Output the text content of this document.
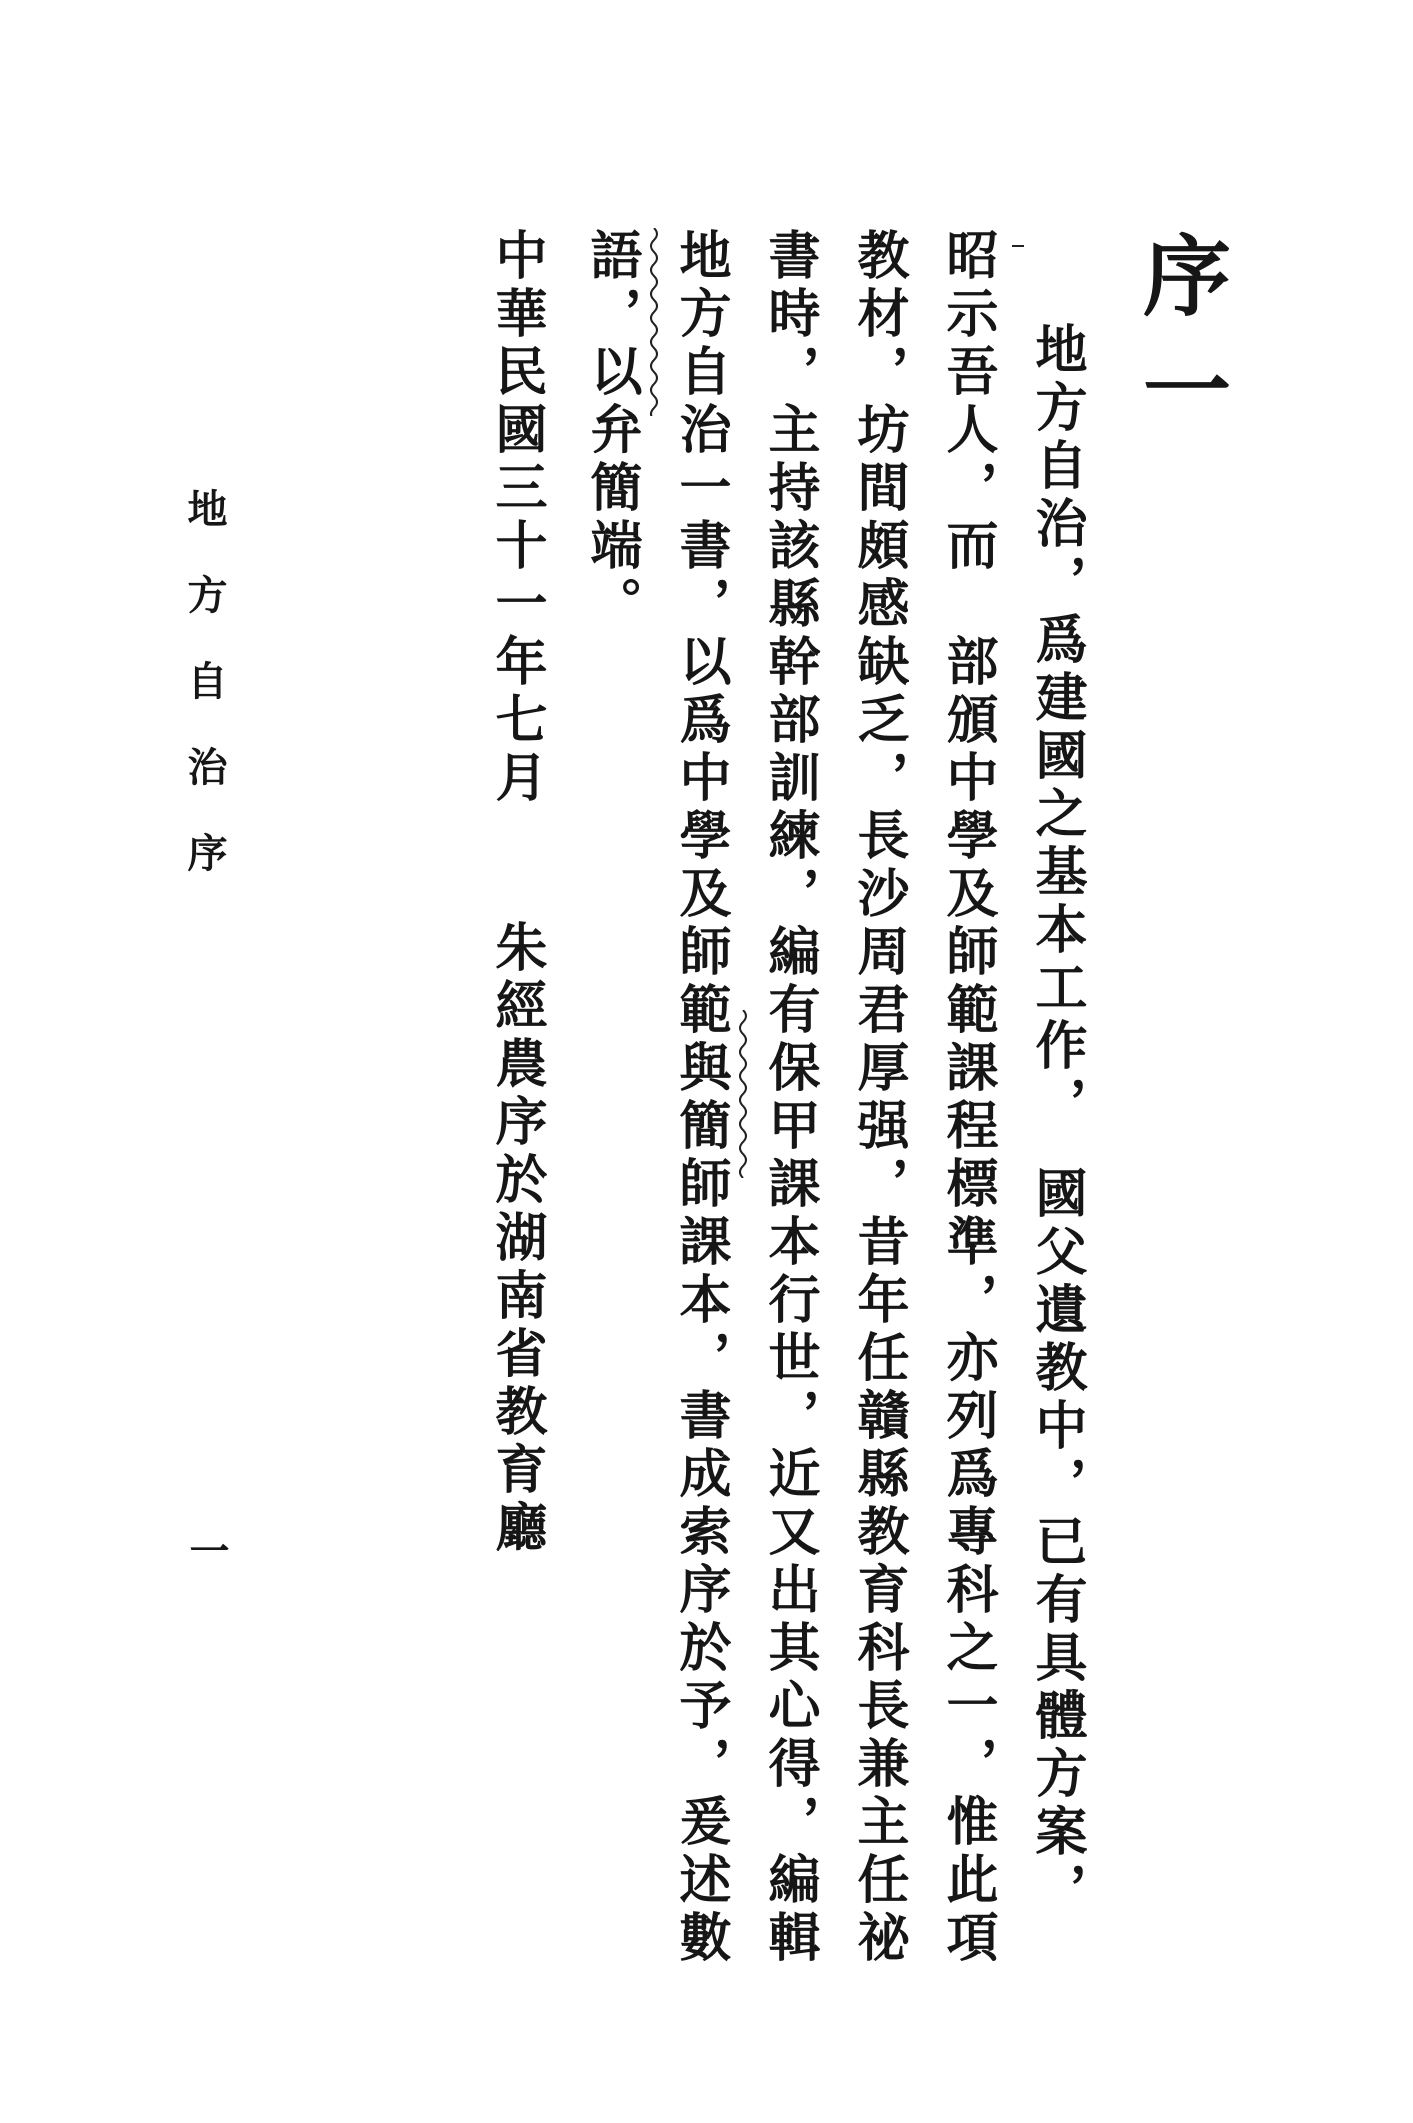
序一
地方自治，爲建國之基本工作，　國父遺教中，已有具體方案，
昭示吾人，而　部頒中學及師範課程標準，亦列爲專科之一，惟此項
教材，坊間頗感缺乏，長沙周君厚强，昔年任贛縣教育科長兼主任祕
書時，主持該縣幹部訓練，編有保甲課本行世，近又出其心得，編輯
地方自治一書，以爲中學及師範與簡師課本，書成索序於予，爰述數
語，以弁簡端。
中華民國三十一年七月
朱經農序於湖南省教育廳
地方自治序
一
